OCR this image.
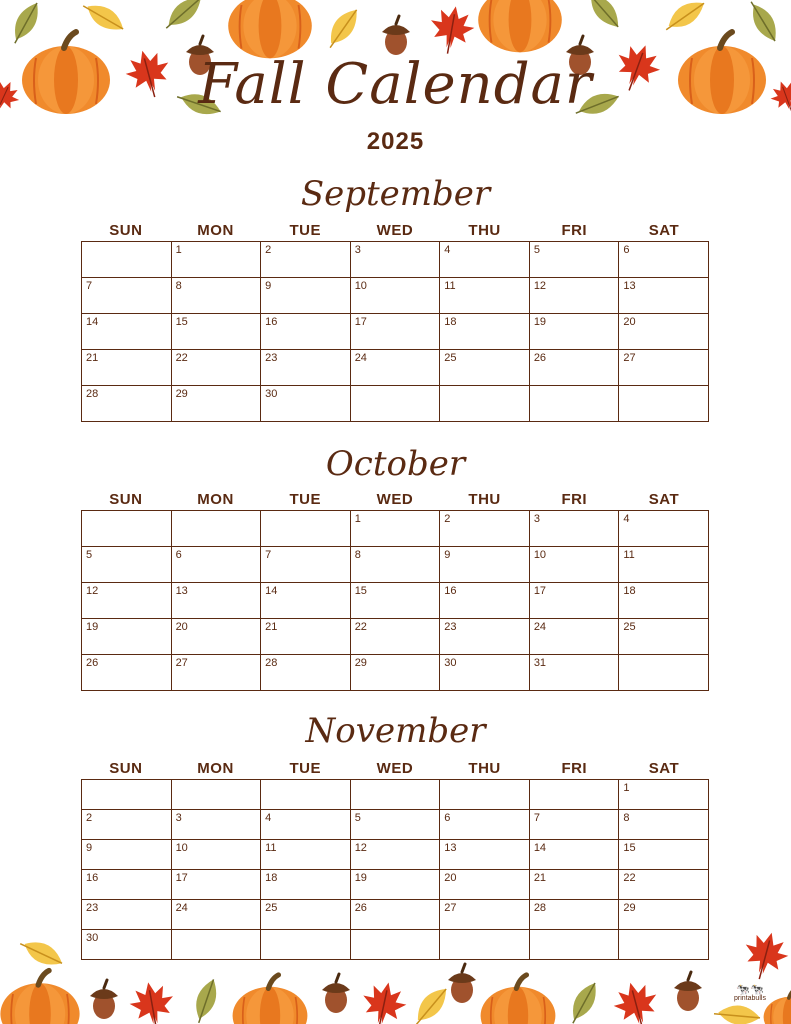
Fall Calendar
2025
September
SUN	MON	TUE	WED	THU	FRI	SAT
	1	2	3	4	5	6
7	8	9	10	11	12	13
14	15	16	17	18	19	20
21	22	23	24	25	26	27
28	29	30				
October
SUN	MON	TUE	WED	THU	FRI	SAT
			1	2	3	4
5	6	7	8	9	10	11
12	13	14	15	16	17	18
19	20	21	22	23	24	25
26	27	28	29	30	31	
November
SUN	MON	TUE	WED	THU	FRI	SAT
						1
2	3	4	5	6	7	8
9	10	11	12	13	14	15
16	17	18	19	20	21	22
23	24	25	26	27	28	29
30						
🐄🐄
printabulls
